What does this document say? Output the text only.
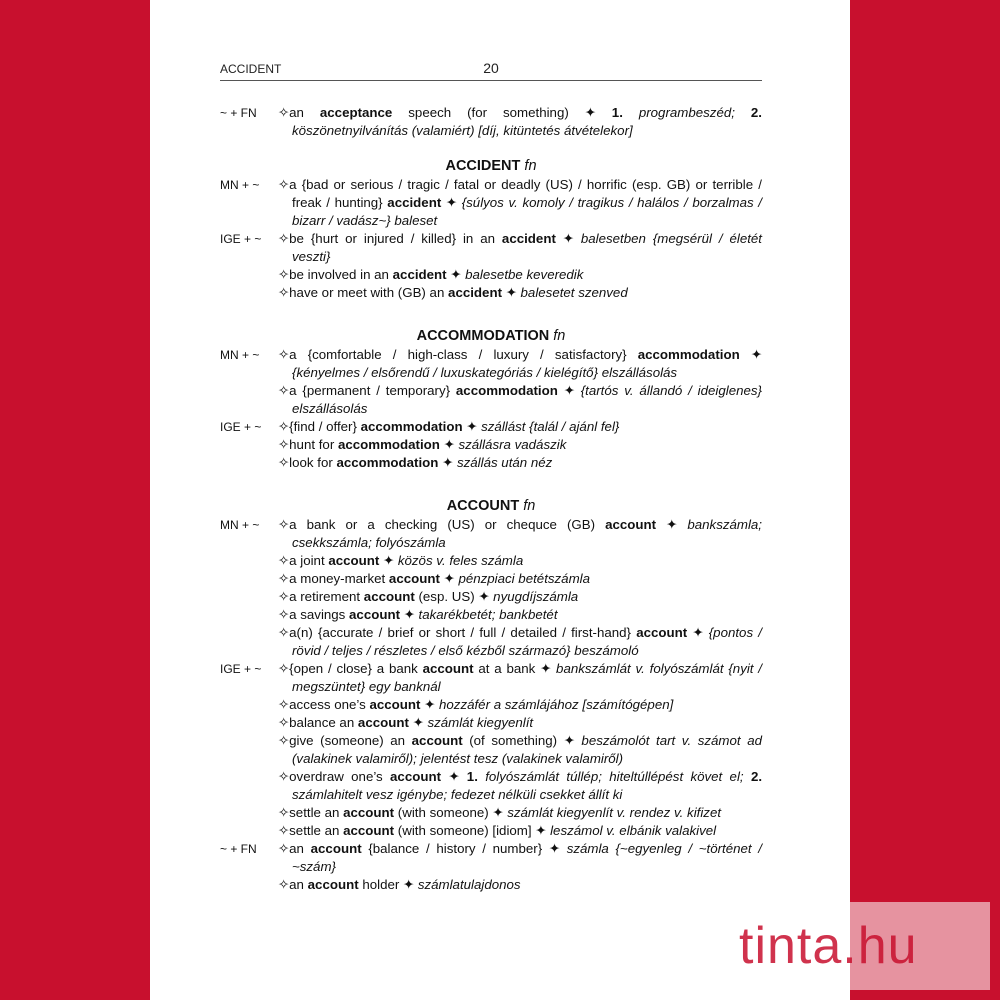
ACCIDENT	20
~ + FN	✧ an acceptance speech (for something) ✦ 1. programbeszéd; 2. köszönetnyilvánítás (valamiért) [díj, kitüntetés átvételekor]
ACCIDENT fn
MN + ~	✧ a {bad or serious / tragic / fatal or deadly (US) / horrific (esp. GB) or terrible / freak / hunting} accident ✦ {súlyos v. komoly / tragikus / halálos / borzalmas / bizarr / vadász~} baleset
IGE + ~	✧ be {hurt or injured / killed} in an accident ✦ balesetben {megsérül / életét veszti}
✧ be involved in an accident ✦ balesetbe keveredik
✧ have or meet with (GB) an accident ✦ balesetet szenved
ACCOMMODATION fn
MN + ~	✧ a {comfortable / high-class / luxury / satisfactory} accommodation ✦ {kényelmes / elsőrendű / luxuskategóriás / kielégítő} elszállásolás
✧ a {permanent / temporary} accommodation ✦ {tartós v. állandó / ideiglenes} elszállásolás
IGE + ~	✧ {find / offer} accommodation ✦ szállást {talál / ajánl fel}
✧ hunt for accommodation ✦ szállásra vadászik
✧ look for accommodation ✦ szállás után néz
ACCOUNT fn
MN + ~	✧ a bank or a checking (US) or chequce (GB) account ✦ bankszámla; csekkszámla; folyószámla
✧ a joint account ✦ közös v. feles számla
✧ a money-market account ✦ pénzpiaci betétszámla
✧ a retirement account (esp. US) ✦ nyugdíjszámla
✧ a savings account ✦ takarékbetét; bankbetét
✧ a(n) {accurate / brief or short / full / detailed / first-hand} account ✦ {pontos / rövid / teljes / részletes / első kézből származó} beszámoló
IGE + ~	✧ {open / close} a bank account at a bank ✦ bankszámlát v. folyószámlát {nyit / megszüntet} egy banknál
✧ access one’s account ✦ hozzáfér a számlájához [számítógépen]
✧ balance an account ✦ számlát kiegyenlít
✧ give (someone) an account (of something) ✦ beszámolót tart v. számot ad (valakinek valamiről); jelentést tesz (valakinek valamiről)
✧ overdraw one’s account ✦ 1. folyószámlát túllép; hiteltúllépést követ el; 2. számlahitelt vesz igénybe; fedezet nélküli csekket állít ki
✧ settle an account (with someone) ✦ számlát kiegyenlít v. rendez v. kifizet
✧ settle an account (with someone) [idiom] ✦ leszámol v. elbánik valakivel
~ + FN	✧ an account {balance / history / number} ✦ számla {~egyenleg / ~történet / ~szám}
✧ an account holder ✦ számlatulajdonos
tinta.hu
